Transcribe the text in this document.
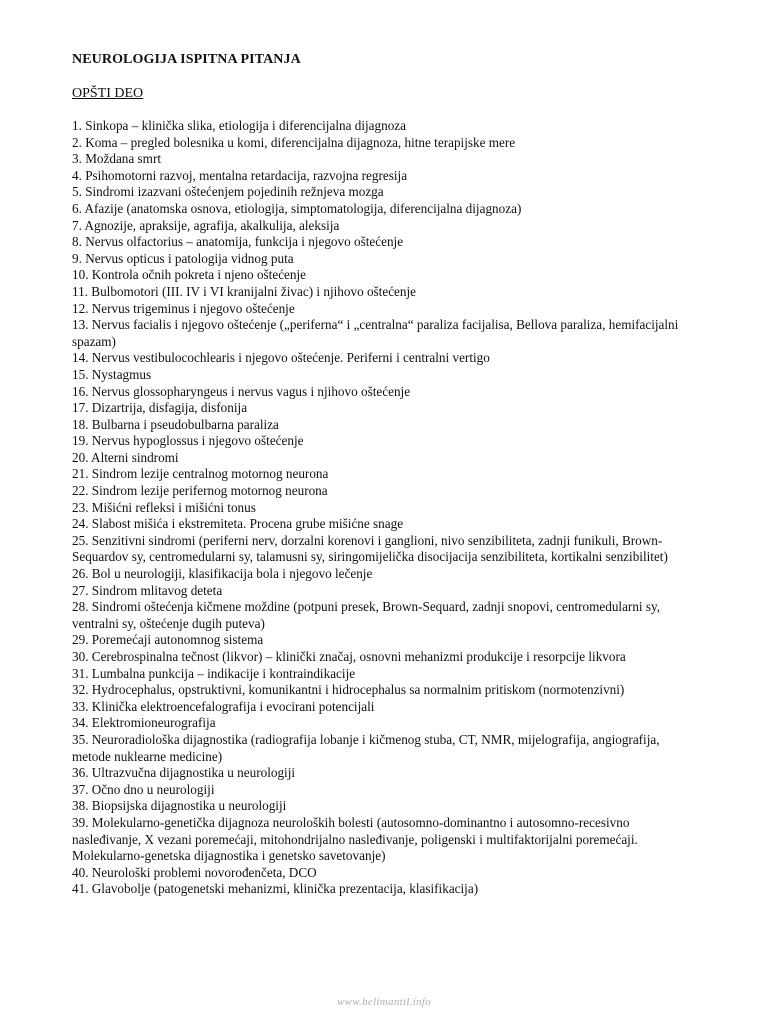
NEUROLOGIJA ISPITNA PITANJA
OPŠTI DEO
1. Sinkopa – klinička slika, etiologija i diferencijalna dijagnoza
2. Koma – pregled bolesnika u komi, diferencijalna dijagnoza, hitne terapijske mere
3. Moždana smrt
4. Psihomotorni razvoj, mentalna retardacija, razvojna regresija
5. Sindromi izazvani oštećenjem pojedinih režnjeva mozga
6. Afazije (anatomska osnova, etiologija, simptomatologija, diferencijalna dijagnoza)
7. Agnozije, apraksije, agrafija, akalkulija, aleksija
8. Nervus olfactorius – anatomija, funkcija i njegovo oštećenje
9. Nervus opticus i patologija vidnog puta
10. Kontrola očnih pokreta i njeno oštećenje
11. Bulbomotori (III. IV i VI kranijalni živac) i njihovo oštećenje
12. Nervus trigeminus i njegovo oštećenje
13. Nervus facialis i njegovo oštećenje („periferna“ i „centralna“ paraliza facijalisa, Bellova paraliza, hemifacijalni spazam)
14. Nervus vestibulocochlearis i njegovo oštećenje. Periferni i centralni vertigo
15. Nystagmus
16. Nervus glossopharyngeus i nervus vagus i njihovo oštećenje
17. Dizartrija, disfagija, disfonija
18. Bulbarna i pseudobulbarna paraliza
19. Nervus hypoglossus i njegovo oštećenje
20. Alterni sindromi
21. Sindrom lezije centralnog motornog neurona
22. Sindrom lezije perifernog motornog neurona
23. Mišićni refleksi i mišićni tonus
24. Slabost mišića i ekstremiteta. Procena grube mišićne snage
25. Senzitivni sindromi (periferni nerv, dorzalni korenovi i ganglioni, nivo senzibiliteta, zadnji funikuli, Brown-Sequardov sy, centromedularni sy, talamusni sy, siringomijelička disocijacija senzibiliteta, kortikalni senzibilitet)
26. Bol u neurologiji, klasifikacija bola i njegovo lečenje
27. Sindrom mlitavog deteta
28. Sindromi oštećenja kičmene moždine (potpuni presek, Brown-Sequard, zadnji snopovi, centromedularni sy, ventralni sy, oštećenje dugih puteva)
29. Poremećaji autonomnog sistema
30. Cerebrospinalna tečnost (likvor) – klinički značaj, osnovni mehanizmi produkcije i resorpcije likvora
31. Lumbalna punkcija – indikacije i kontraindikacije
32. Hydrocephalus, opstruktivni, komunikantni i hidrocephalus sa normalnim pritiskom (normotenzivni)
33. Klinička elektroencefalografija i evocirani potencijali
34. Elektromioneurografija
35. Neuroradiološka dijagnostika (radiografija lobanje i kičmenog stuba, CT, NMR, mijelografija, angiografija, metode nuklearne medicine)
36. Ultrazvučna dijagnostika u neurologiji
37. Očno dno u neurologiji
38. Biopsijska dijagnostika u neurologiji
39. Molekularno-genetička dijagnoza neuroloških bolesti (autosomno-dominantno i autosomno-recesivno nasleđivanje, X vezani poremećaji, mitohondrijalno nasleđivanje, poligenski i multifaktorijalni poremećaji. Molekularno-genetska dijagnostika i genetsko savetovanje)
40. Neurološki problemi novorođenčeta, DCO
41. Glavobolje (patogenetski mehanizmi, klinička prezentacija, klasifikacija)
www.belimantil.info
